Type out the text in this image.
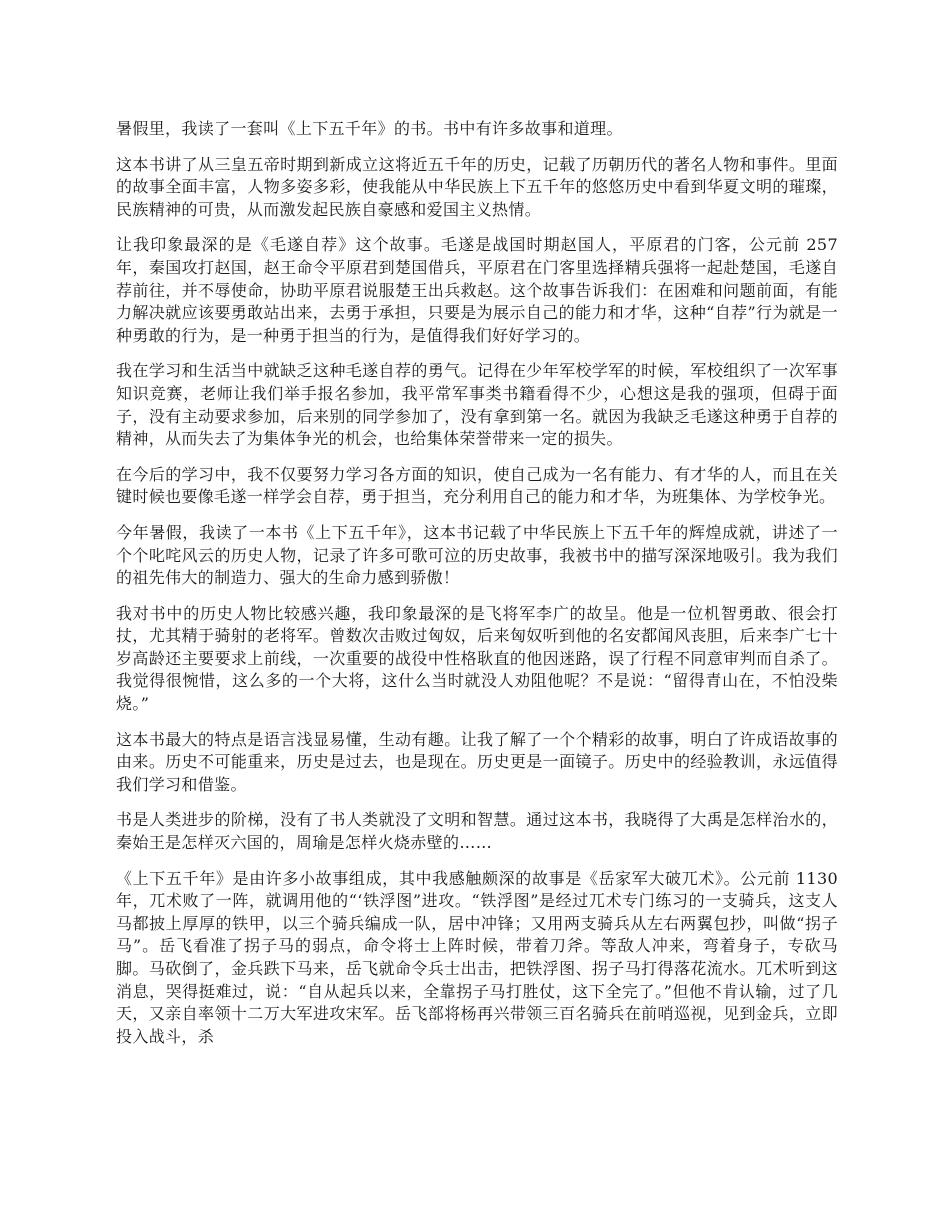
暑假里，我读了一套叫《上下五千年》的书。书中有许多故事和道理。

这本书讲了从三皇五帝时期到新成立这将近五千年的历史，记载了历朝历代的著名人物和事件。里面的故事全面丰富，人物多姿多彩，使我能从中华民族上下五千年的悠悠历史中看到华夏文明的璀璨，民族精神的可贵，从而激发起民族自豪感和爱国主义热情。

让我印象最深的是《毛遂自荐》这个故事。毛遂是战国时期赵国人，平原君的门客，公元前 257 年，秦国攻打赵国，赵王命令平原君到楚国借兵，平原君在门客里选择精兵强将一起赴楚国，毛遂自荐前往，并不辱使命，协助平原君说服楚王出兵救赵。这个故事告诉我们：在困难和问题前面，有能力解决就应该要勇敢站出来，去勇于承担，只要是为展示自己的能力和才华，这种“自荐”行为就是一种勇敢的行为，是一种勇于担当的行为，是值得我们好好学习的。

我在学习和生活当中就缺乏这种毛遂自荐的勇气。记得在少年军校学军的时候，军校组织了一次军事知识竞赛，老师让我们举手报名参加，我平常军事类书籍看得不少，心想这是我的强项，但碍于面子，没有主动要求参加，后来别的同学参加了，没有拿到第一名。就因为我缺乏毛遂这种勇于自荐的精神，从而失去了为集体争光的机会，也给集体荣誉带来一定的损失。

在今后的学习中，我不仅要努力学习各方面的知识，使自己成为一名有能力、有才华的人，而且在关键时候也要像毛遂一样学会自荐，勇于担当，充分利用自己的能力和才华，为班集体、为学校争光。

今年暑假，我读了一本书《上下五千年》，这本书记载了中华民族上下五千年的辉煌成就，讲述了一个个叱咤风云的历史人物，记录了许多可歌可泣的历史故事，我被书中的描写深深地吸引。我为我们的祖先伟大的制造力、强大的生命力感到骄傲！

我对书中的历史人物比较感兴趣，我印象最深的是飞将军李广的故呈。他是一位机智勇敢、很会打扙，尤其精于骑射的老将军。曾数次击败过匈奴，后来匈奴听到他的名安都闻风丧胆，后来李广七十岁高龄还主要要求上前线，一次重要的战役中性格耿直的他因迷路，误了行程不同意审判而自杀了。我觉得很惋惜，这么多的一个大将，这什么当时就没人劝阻他呢？不是说：“留得青山在，不怕没柴烧。”

这本书最大的特点是语言浅显易懂，生动有趣。让我了解了一个个精彩的故事，明白了许成语故事的由来。历史不可能重来，历史是过去，也是现在。历史更是一面镜子。历史中的经验教训，永远值得我们学习和借鉴。

书是人类进步的阶梯，没有了书人类就没了文明和智慧。通过这本书，我晓得了大禹是怎样治水的，秦始王是怎样灭六国的，周瑜是怎样火烧赤壁的……

《上下五千年》是由许多小故事组成，其中我感触颇深的故事是《岳家军大破兀术》。公元前 1130 年，兀术败了一阵，就调用他的“‘铁浮图”进攻。“铁浮图”是经过兀术专门练习的一支骑兵，这支人马都披上厚厚的铁甲，以三个骑兵编成一队，居中冲锋；又用两支骑兵从左右两翼包抄，叫做“拐子马”。岳飞看准了拐子马的弱点，命令将士上阵时候，带着刀斧。等敌人冲来，弯着身子，专砍马脚。马砍倒了，金兵跌下马来，岳飞就命令兵士出击，把铁浮图、拐子马打得落花流水。兀术听到这消息，哭得挺难过，说：“自从起兵以来，全靠拐子马打胜仗，这下全完了。”但他不肯认输，过了几天，又亲自率领十二万大军进攻宋军。岳飞部将杨再兴带领三百名骑兵在前哨巡视，见到金兵，立即投入战斗，杀
